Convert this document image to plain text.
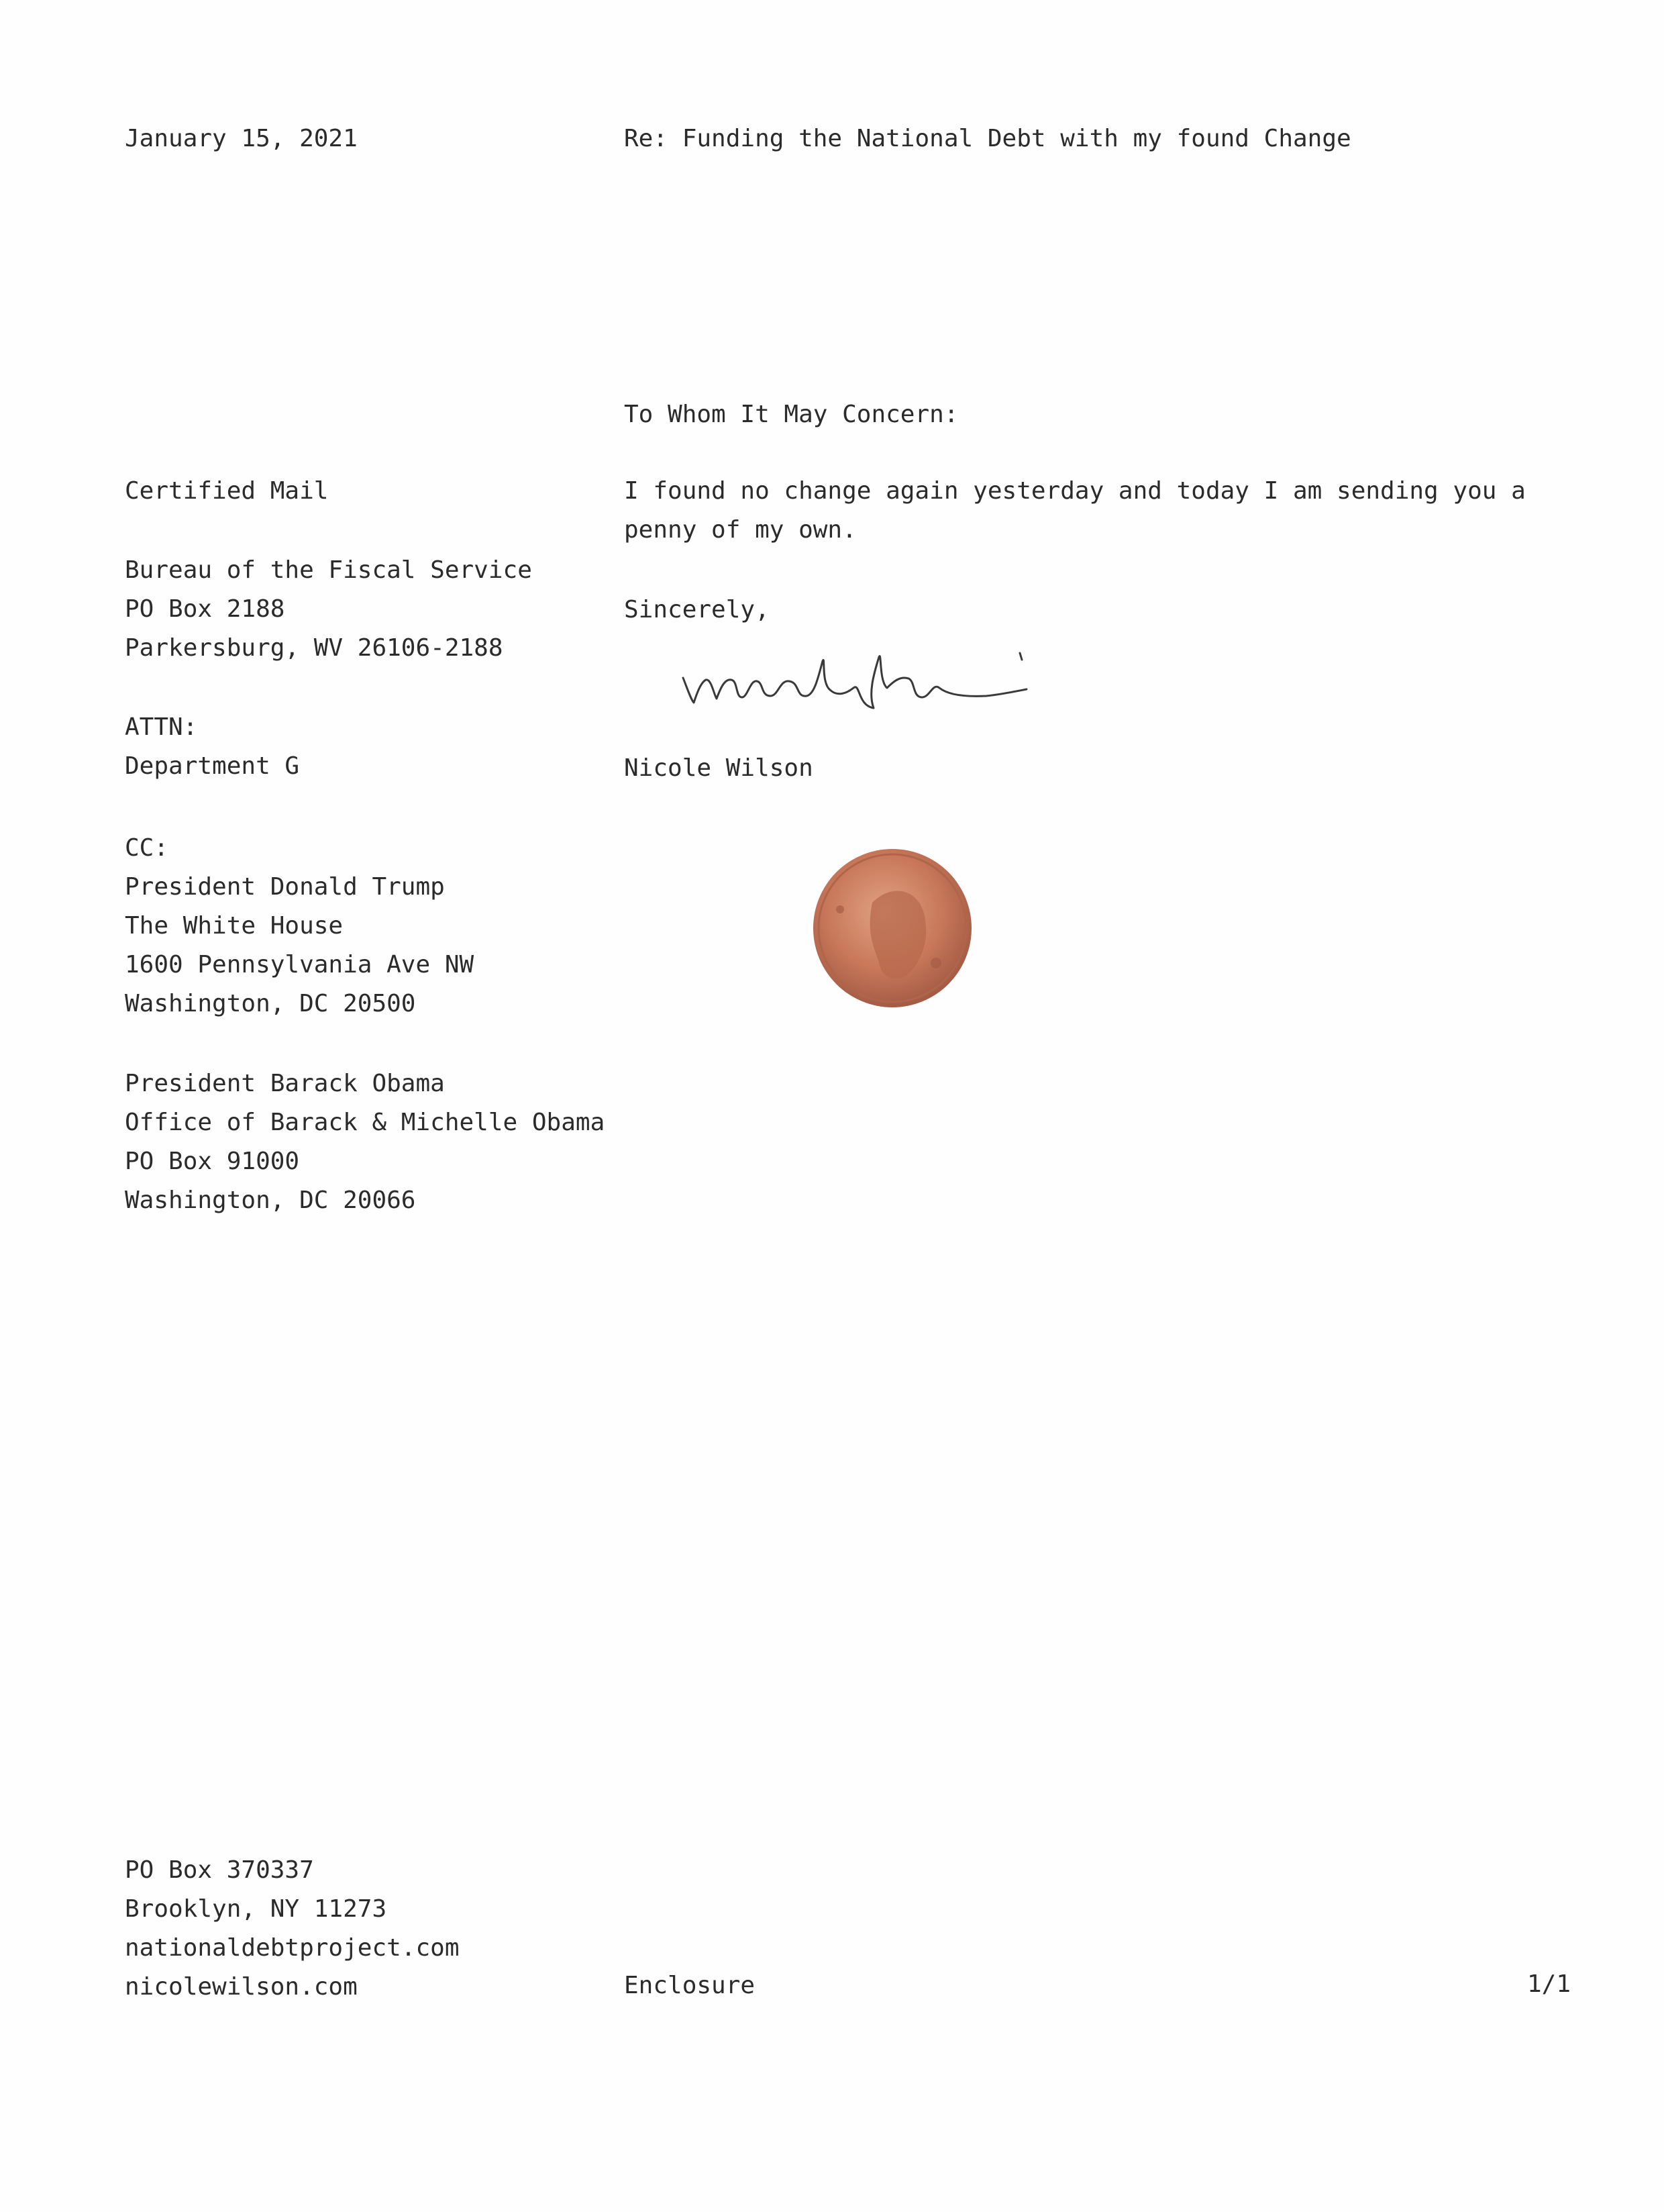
January 15, 2021	Re: Funding the National Debt with my found Change
To Whom It May Concern:
I found no change again yesterday and today I am sending you a
penny of my own.
Sincerely,
Nicole Wilson
Certified Mail
Bureau of the Fiscal Service
PO Box 2188
Parkersburg, WV 26106-2188
ATTN:
Department G
CC:
President Donald Trump
The White House
1600 Pennsylvania Ave NW
Washington, DC 20500
President Barack Obama
Office of Barack & Michelle Obama
PO Box 91000
Washington, DC 20066
PO Box 370337
Brooklyn, NY 11273
nationaldebtproject.com
nicolewilson.com	Enclosure	1/1
